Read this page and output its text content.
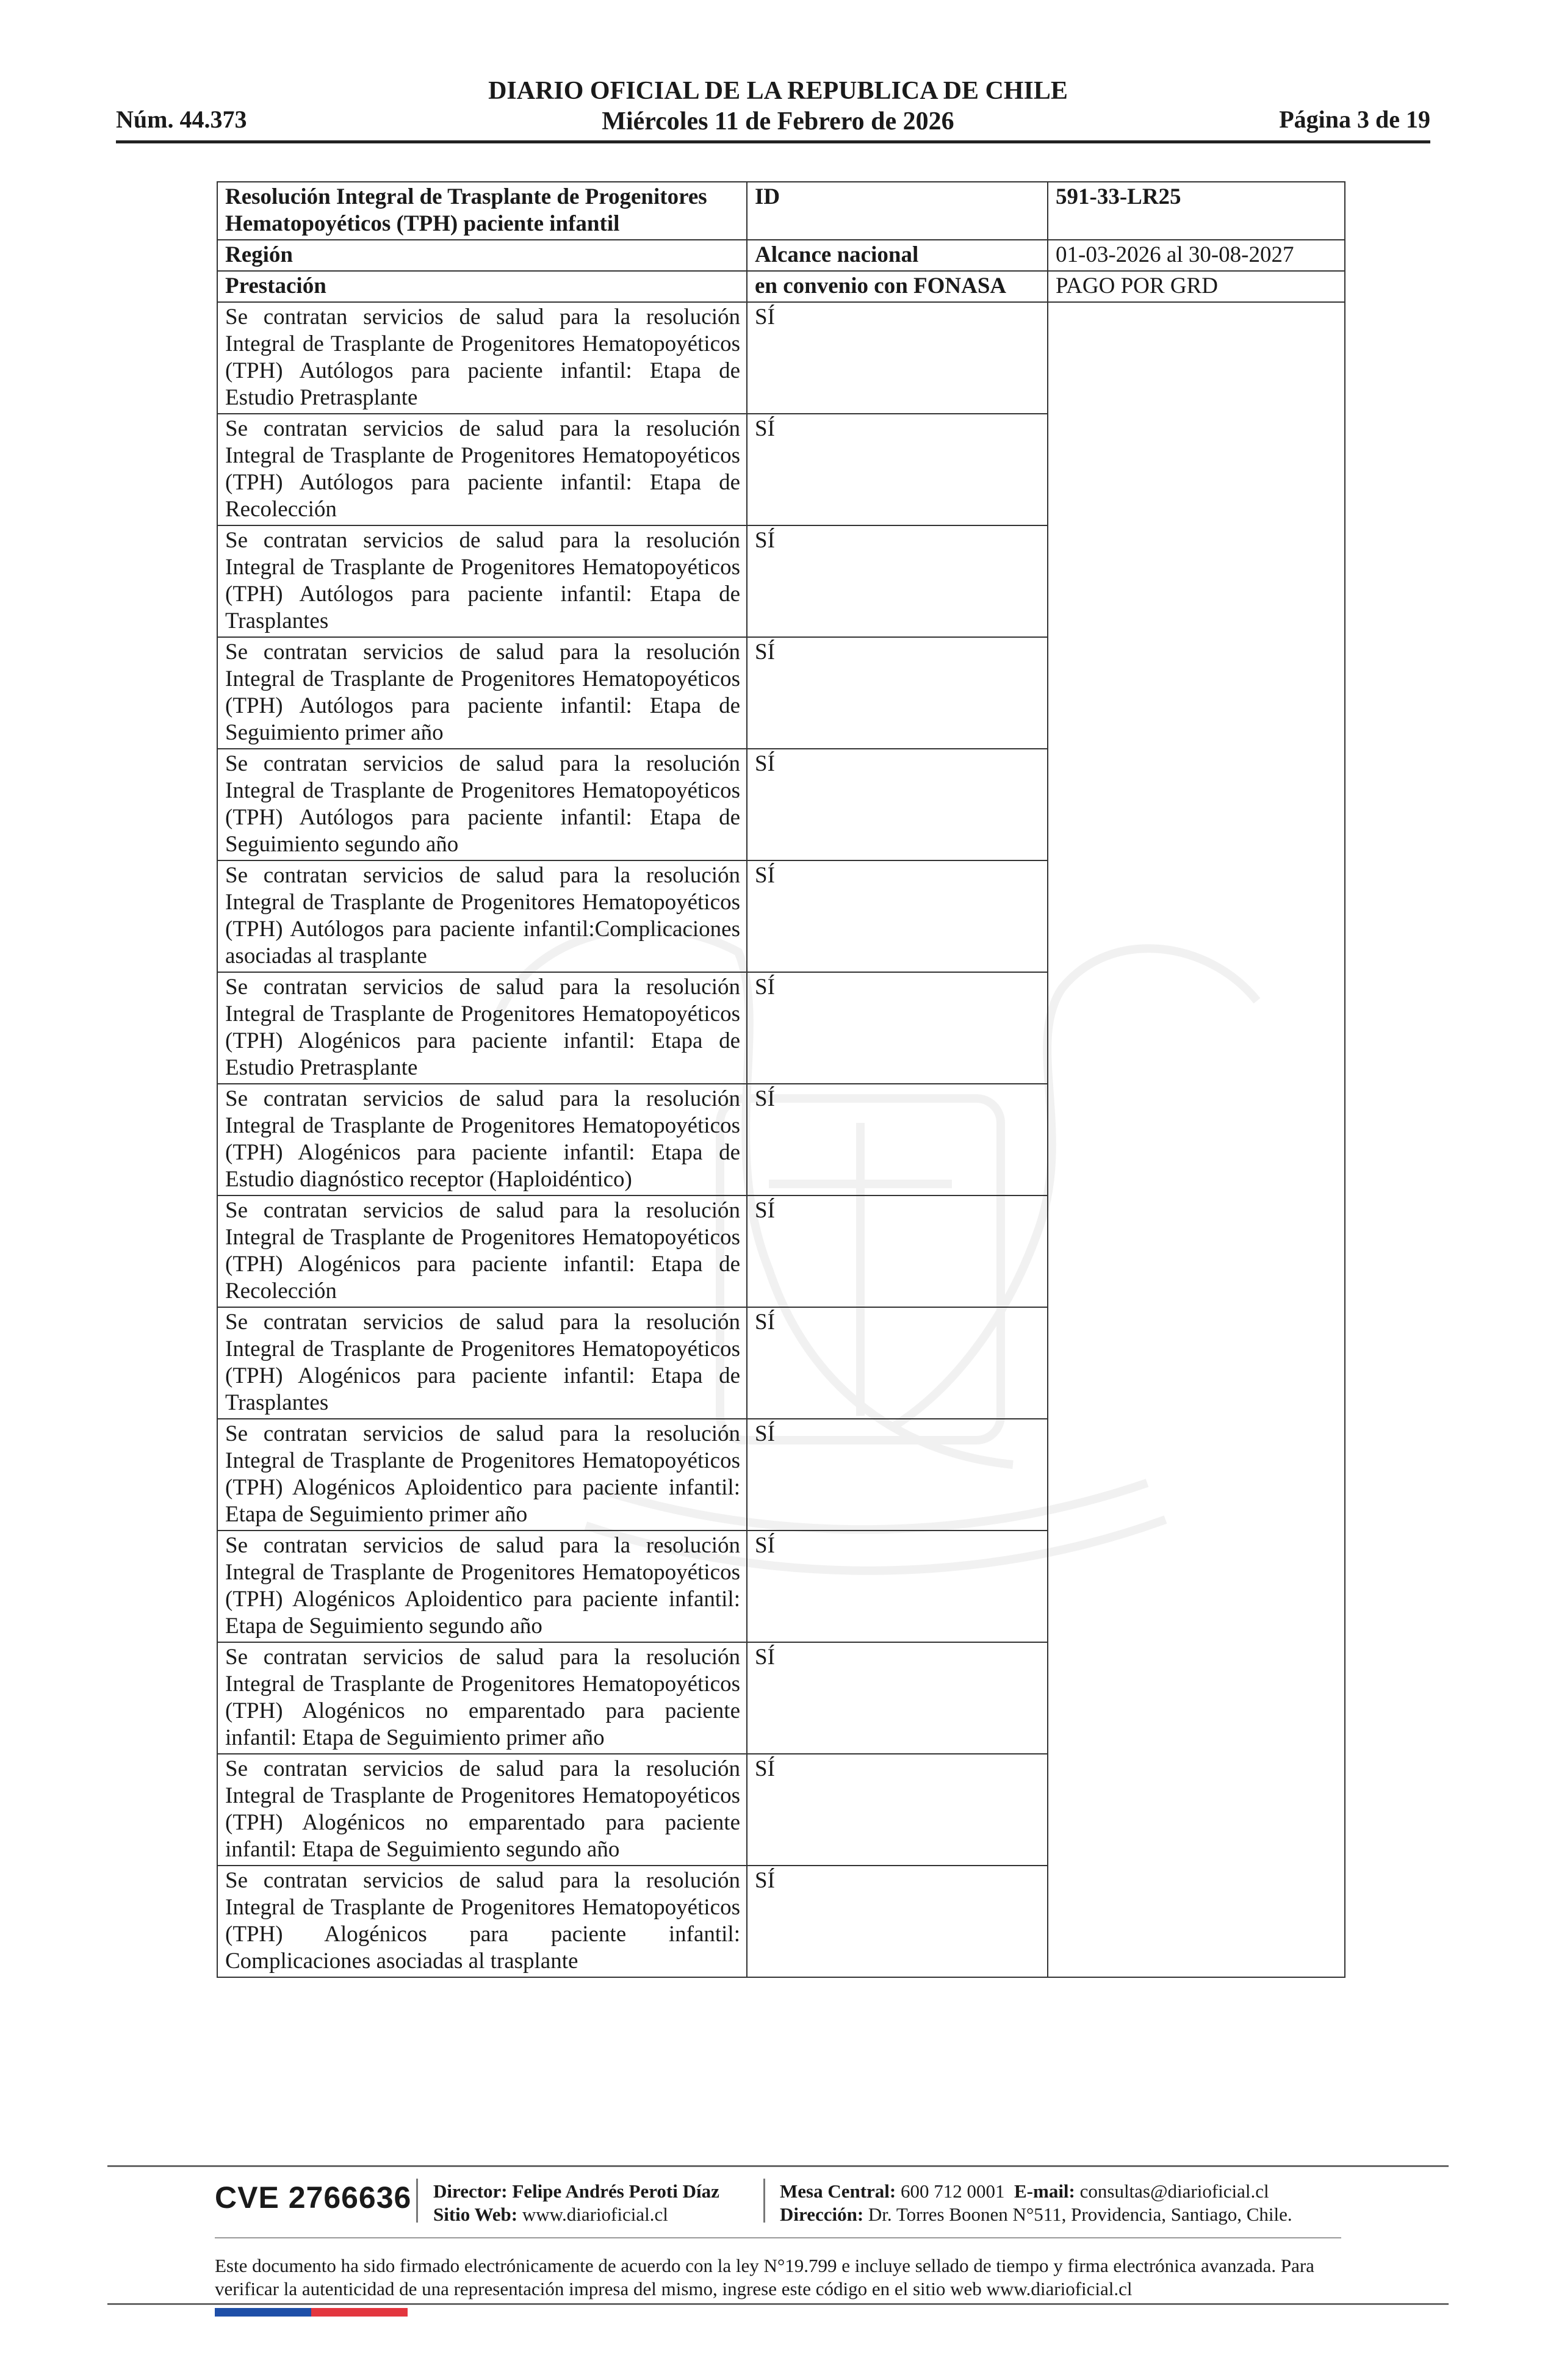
Núm. 44.373
DIARIO OFICIAL DE LA REPUBLICA DE CHILE
Miércoles 11 de Febrero de 2026	Página 3 de 19
Resolución Integral de Trasplante de Progenitores
Hematopoyéticos (TPH) paciente infantil	ID	591-33-LR25
Región	Alcance nacional	01-03-2026 al 30-08-2027
Prestación	en convenio con FONASA	PAGO POR GRD
Se contratan servicios de salud para la resolución Integral de Trasplante de Progenitores Hematopoyéticos (TPH) Autólogos para paciente infantil: Etapa de Estudio Pretrasplante	SÍ	
Se contratan servicios de salud para la resolución Integral de Trasplante de Progenitores Hematopoyéticos (TPH) Autólogos para paciente infantil: Etapa de Recolección	SÍ	
Se contratan servicios de salud para la resolución Integral de Trasplante de Progenitores Hematopoyéticos (TPH) Autólogos para paciente infantil: Etapa de Trasplantes	SÍ	
Se contratan servicios de salud para la resolución Integral de Trasplante de Progenitores Hematopoyéticos (TPH) Autólogos para paciente infantil: Etapa de Seguimiento primer año	SÍ	
Se contratan servicios de salud para la resolución Integral de Trasplante de Progenitores Hematopoyéticos (TPH) Autólogos para paciente infantil: Etapa de Seguimiento segundo año	SÍ	
Se contratan servicios de salud para la resolución Integral de Trasplante de Progenitores Hematopoyéticos (TPH) Autólogos para paciente infantil:Complicaciones asociadas al trasplante	SÍ	
Se contratan servicios de salud para la resolución Integral de Trasplante de Progenitores Hematopoyéticos (TPH) Alogénicos para paciente infantil: Etapa de Estudio Pretrasplante	SÍ	
Se contratan servicios de salud para la resolución Integral de Trasplante de Progenitores Hematopoyéticos (TPH) Alogénicos para paciente infantil: Etapa de Estudio diagnóstico receptor (Haploidéntico)	SÍ	
Se contratan servicios de salud para la resolución Integral de Trasplante de Progenitores Hematopoyéticos (TPH) Alogénicos para paciente infantil: Etapa de Recolección	SÍ	
Se contratan servicios de salud para la resolución Integral de Trasplante de Progenitores Hematopoyéticos (TPH) Alogénicos para paciente infantil: Etapa de Trasplantes	SÍ	
Se contratan servicios de salud para la resolución Integral de Trasplante de Progenitores Hematopoyéticos (TPH) Alogénicos Aploidentico para paciente infantil: Etapa de Seguimiento primer año	SÍ	
Se contratan servicios de salud para la resolución Integral de Trasplante de Progenitores Hematopoyéticos (TPH) Alogénicos Aploidentico para paciente infantil: Etapa de Seguimiento segundo año	SÍ	
Se contratan servicios de salud para la resolución Integral de Trasplante de Progenitores Hematopoyéticos (TPH) Alogénicos no emparentado para paciente infantil: Etapa de Seguimiento primer año	SÍ	
Se contratan servicios de salud para la resolución Integral de Trasplante de Progenitores Hematopoyéticos (TPH) Alogénicos no emparentado para paciente infantil: Etapa de Seguimiento segundo año	SÍ	
Se contratan servicios de salud para la resolución Integral de Trasplante de Progenitores Hematopoyéticos (TPH) Alogénicos para paciente infantil: Complicaciones asociadas al trasplante	SÍ	
CVE 2766636 Director: Felipe Andrés Peroti Díaz
Sitio Web: www.diarioficial.cl
Mesa Central: 600 712 0001 E-mail: consultas@diarioficial.cl
Dirección: Dr. Torres Boonen N°511, Providencia, Santiago, Chile.
Este documento ha sido firmado electrónicamente de acuerdo con la ley N°19.799 e incluye sellado de tiempo y firma electrónica avanzada. Para verificar la autenticidad de una representación impresa del mismo, ingrese este código en el sitio web www.diarioficial.cl
